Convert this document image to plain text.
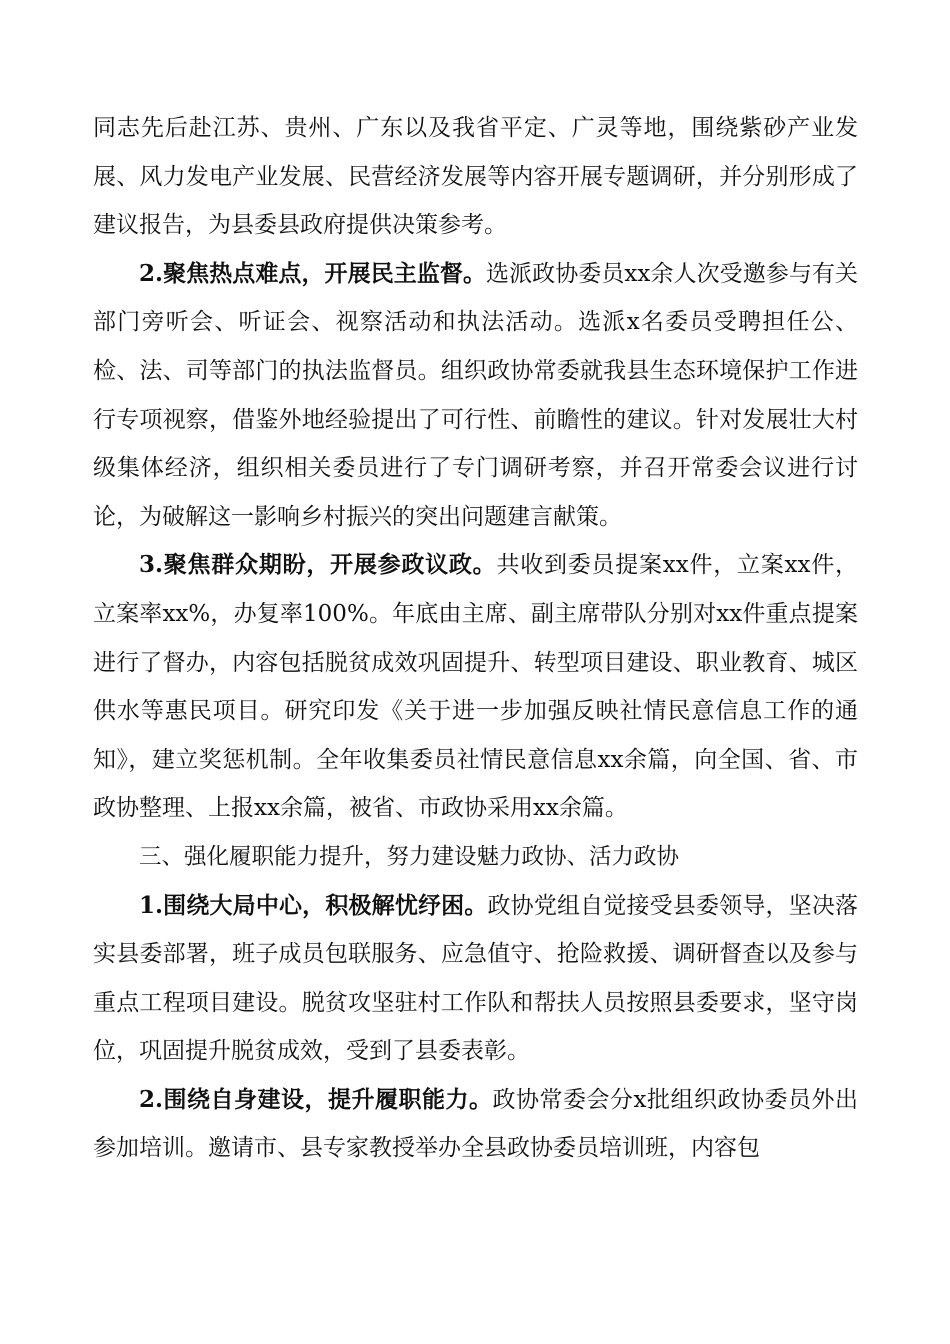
同志先后赴江苏、贵州、广东以及我省平定、广灵等地，围绕紫砂产业发展、风力发电产业发展、民营经济发展等内容开展专题调研，并分别形成了建议报告，为县委县政府提供决策参考。

2.聚焦热点难点，开展民主监督。选派政协委员xx余人次受邀参与有关部门旁听会、听证会、视察活动和执法活动。选派x名委员受聘担任公、检、法、司等部门的执法监督员。组织政协常委就我县生态环境保护工作进行专项视察，借鉴外地经验提出了可行性、前瞻性的建议。针对发展壮大村级集体经济，组织相关委员进行了专门调研考察，并召开常委会议进行讨论，为破解这一影响乡村振兴的突出问题建言献策。

3.聚焦群众期盼，开展参政议政。共收到委员提案xx件，立案xx件，立案率xx%，办复率100%。年底由主席、副主席带队分别对xx件重点提案进行了督办，内容包括脱贫成效巩固提升、转型项目建设、职业教育、城区供水等惠民项目。研究印发《关于进一步加强反映社情民意信息工作的通知》，建立奖惩机制。全年收集委员社情民意信息xx余篇，向全国、省、市政协整理、上报xx余篇，被省、市政协采用xx余篇。

三、强化履职能力提升，努力建设魅力政协、活力政协

1.围绕大局中心，积极解忧纾困。政协党组自觉接受县委领导，坚决落实县委部署，班子成员包联服务、应急值守、抢险救援、调研督查以及参与重点工程项目建设。脱贫攻坚驻村工作队和帮扶人员按照县委要求，坚守岗位，巩固提升脱贫成效，受到了县委表彰。

2.围绕自身建设，提升履职能力。政协常委会分x批组织政协委员外出参加培训。邀请市、县专家教授举办全县政协委员培训班，内容包
